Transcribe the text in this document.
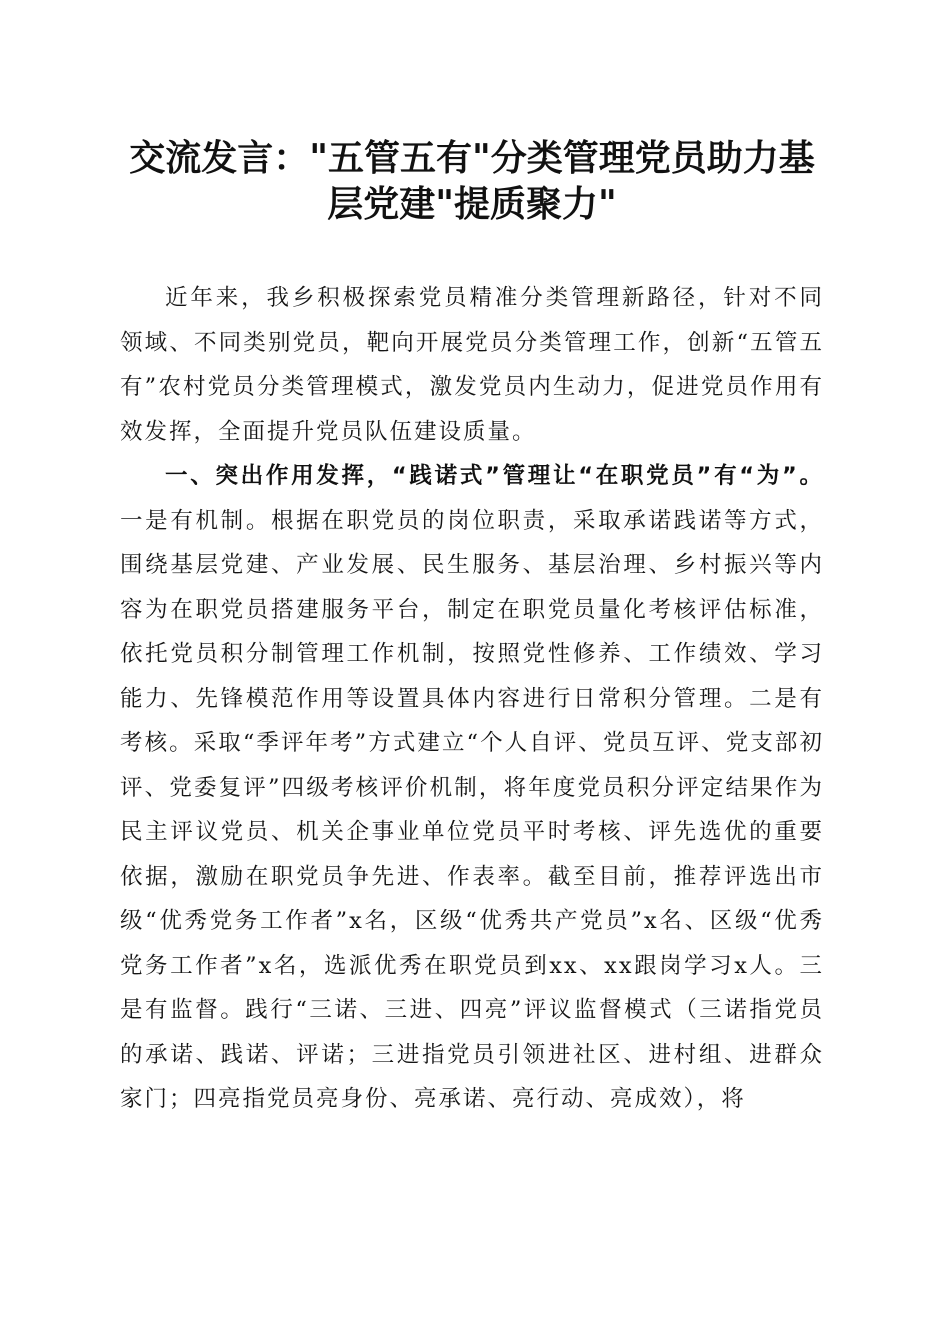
交流发言："五管五有"分类管理党员助力基
层党建"提质聚力"

近年来，我乡积极探索党员精准分类管理新路径，针对不同领域、不同类别党员，靶向开展党员分类管理工作，创新“五管五有”农村党员分类管理模式，激发党员内生动力，促进党员作用有效发挥，全面提升党员队伍建设质量。

一、突出作用发挥，“践诺式”管理让“在职党员”有“为”。一是有机制。根据在职党员的岗位职责，采取承诺践诺等方式，围绕基层党建、产业发展、民生服务、基层治理、乡村振兴等内容为在职党员搭建服务平台，制定在职党员量化考核评估标准，依托党员积分制管理工作机制，按照党性修养、工作绩效、学习能力、先锋模范作用等设置具体内容进行日常积分管理。二是有考核。采取“季评年考”方式建立“个人自评、党员互评、党支部初评、党委复评”四级考核评价机制，将年度党员积分评定结果作为民主评议党员、机关企事业单位党员平时考核、评先选优的重要依据，激励在职党员争先进、作表率。截至目前，推荐评选出市级“优秀党务工作者”x名，区级“优秀共产党员”x名、区级“优秀党务工作者”x名，选派优秀在职党员到xx、xx跟岗学习x人。三是有监督。践行“三诺、三进、四亮”评议监督模式（三诺指党员的承诺、践诺、评诺；三进指党员引领进社区、进村组、进群众家门；四亮指党员亮身份、亮承诺、亮行动、亮成效），将
